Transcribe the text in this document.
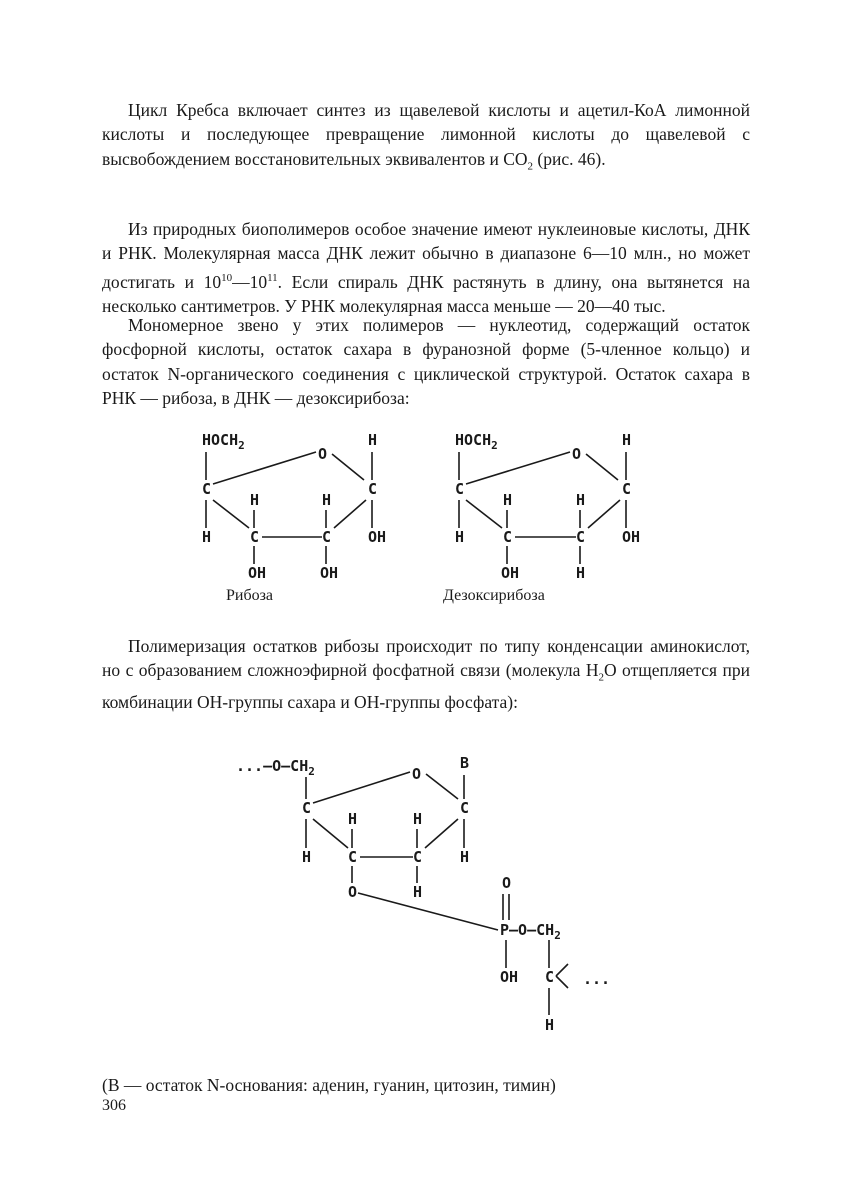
Цикл Кребса включает синтез из щавелевой кислоты и ацетил-КоА лимонной кислоты и последующее превращение лимонной кислоты до щавелевой с высвобождением восстановительных эквивалентов и $CO_2$ (рис. 46).

Из природных биополимеров особое значение имеют нуклеиновые кислоты, ДНК и РНК. Молекулярная масса ДНК лежит обычно в диапазоне 6—10 млн., но может достигать и $10^{10}—10^{11}$. Если спираль ДНК растянуть в длину, она вытянется на несколько сантиметров. У РНК молекулярная масса меньше — 20—40 тыс.

Мономерное звено у этих полимеров — нуклеотид, содержащий остаток фосфорной кислоты, остаток сахара в фуранозной форме (5-членное кольцо) и остаток N-органического соединения с циклической структурой. Остаток сахара в РНК — рибоза, в ДНК — дезоксирибоза:

$HOCH_2$	O
H
C	C
H	H
H	C	C OH
OH	OH
Рибоза
$HOCH_2$	O
H
C	C
H	H
H	C	C OH
OH	H
Дезоксирибоза
$...—O—CH_2$	O
B
C	C
H	H
H C	C	H
O	H	O
$P—O—CH_2$
OH C ...
H

Полимеризация остатков рибозы происходит по типу конденсации аминокислот, но с образованием сложноэфирной фосфатной связи (молекула $H_2O$ отщепляется при комбинации OH-группы сахара и OH-группы фосфата):

(B — остаток N-основания: аденин, гуанин, цитозин, тимин)

306
